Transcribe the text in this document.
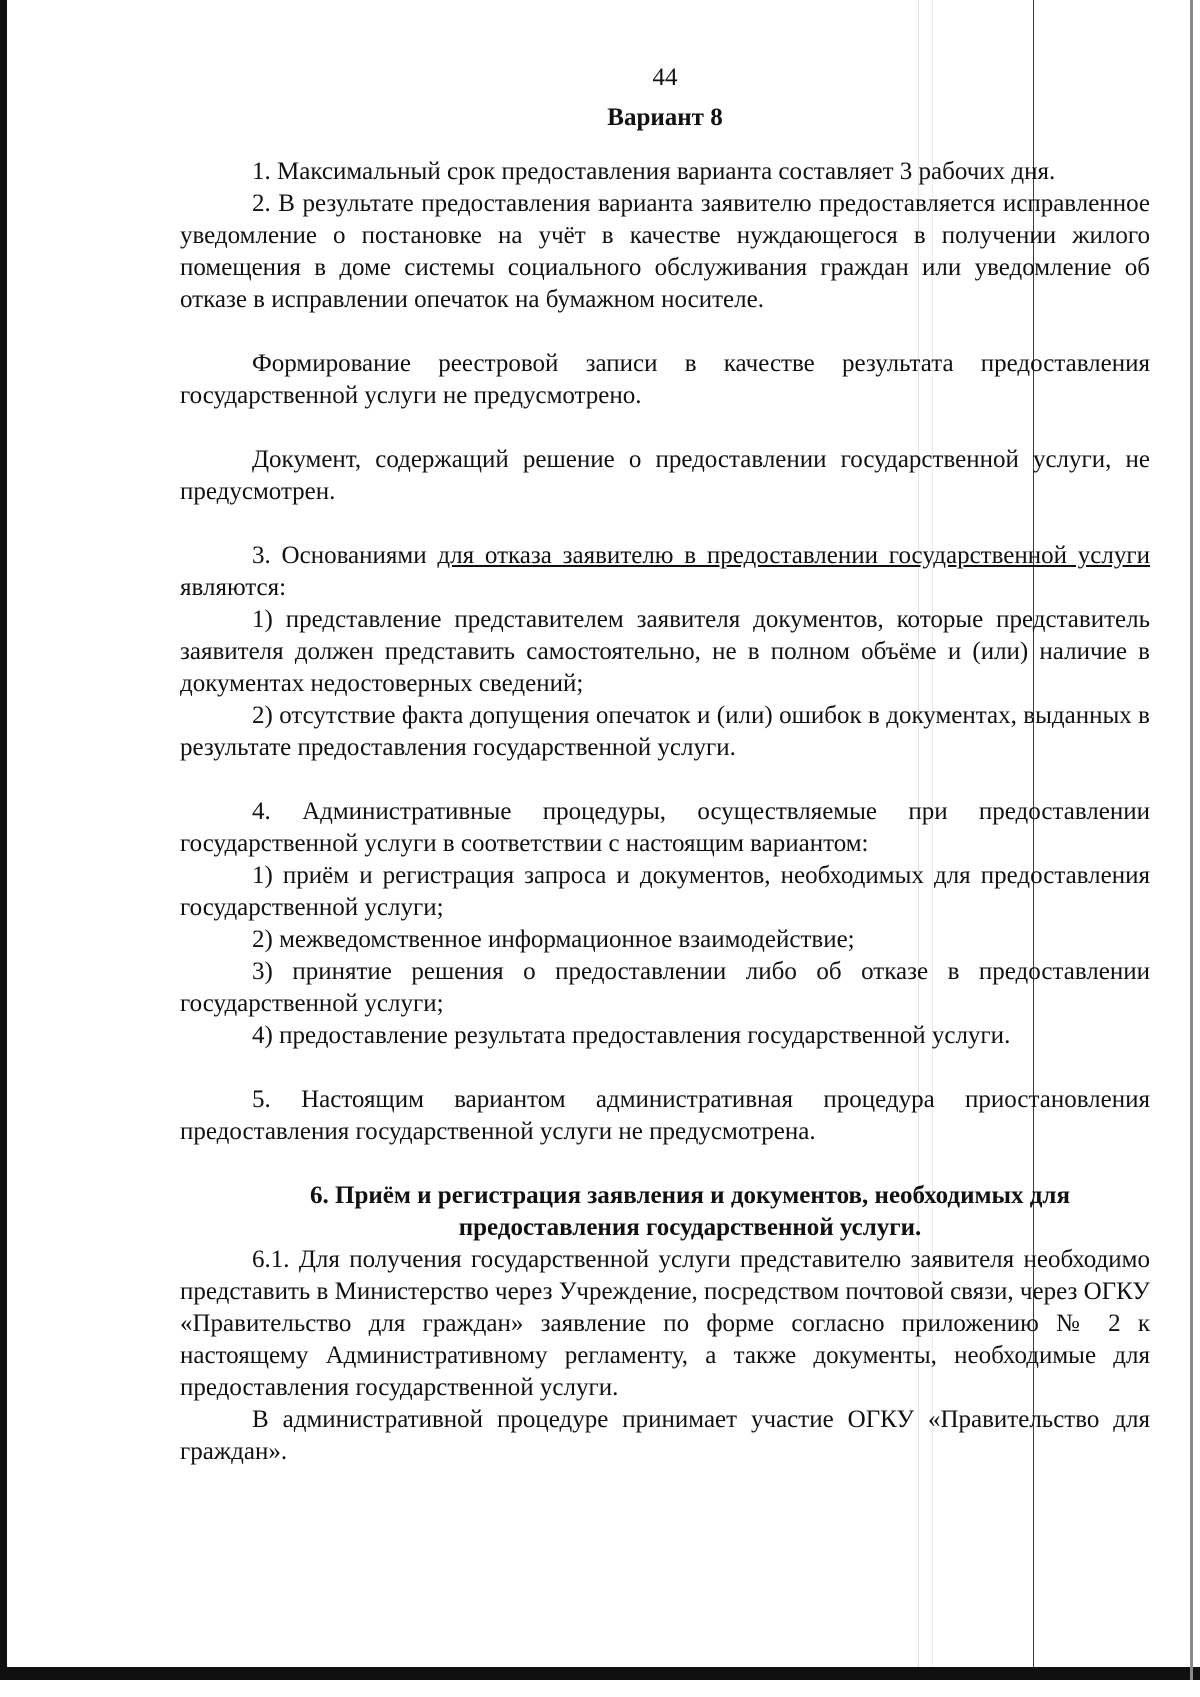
44
Вариант 8

1. Максимальный срок предоставления варианта составляет 3 рабочих дня.

2. В результате предоставления варианта заявителю предоставляется исправленное уведомление о постановке на учёт в качестве нуждающегося в получении жилого помещения в доме системы социального обслуживания граждан или уведомление об отказе в исправлении опечаток на бумажном носителе.

Формирование реестровой записи в качестве результата предоставления государственной услуги не предусмотрено.

Документ, содержащий решение о предоставлении государственной услуги, не предусмотрен.

3. Основаниями для отказа заявителю в предоставлении государственной услуги являются:

1) представление представителем заявителя документов, которые представитель заявителя должен представить самостоятельно, не в полном объёме и (или) наличие в документах недостоверных сведений;

2) отсутствие факта допущения опечаток и (или) ошибок в документах, выданных в результате предоставления государственной услуги.

4. Административные процедуры, осуществляемые при предоставлении государственной услуги в соответствии с настоящим вариантом:

1) приём и регистрация запроса и документов, необходимых для предоставления государственной услуги;

2) межведомственное информационное взаимодействие;

3) принятие решения о предоставлении либо об отказе в предоставлении государственной услуги;

4) предоставление результата предоставления государственной услуги.

5. Настоящим вариантом административная процедура приостановления предоставления государственной услуги не предусмотрена.

6. Приём и регистрация заявления и документов, необходимых для предоставления государственной услуги.

6.1. Для получения государственной услуги представителю заявителя необходимо представить в Министерство через Учреждение, посредством почтовой связи, через ОГКУ «Правительство для граждан» заявление по форме согласно приложению № 2 к настоящему Административному регламенту, а также документы, необходимые для предоставления государственной услуги.

В административной процедуре принимает участие ОГКУ «Правительство для граждан».
